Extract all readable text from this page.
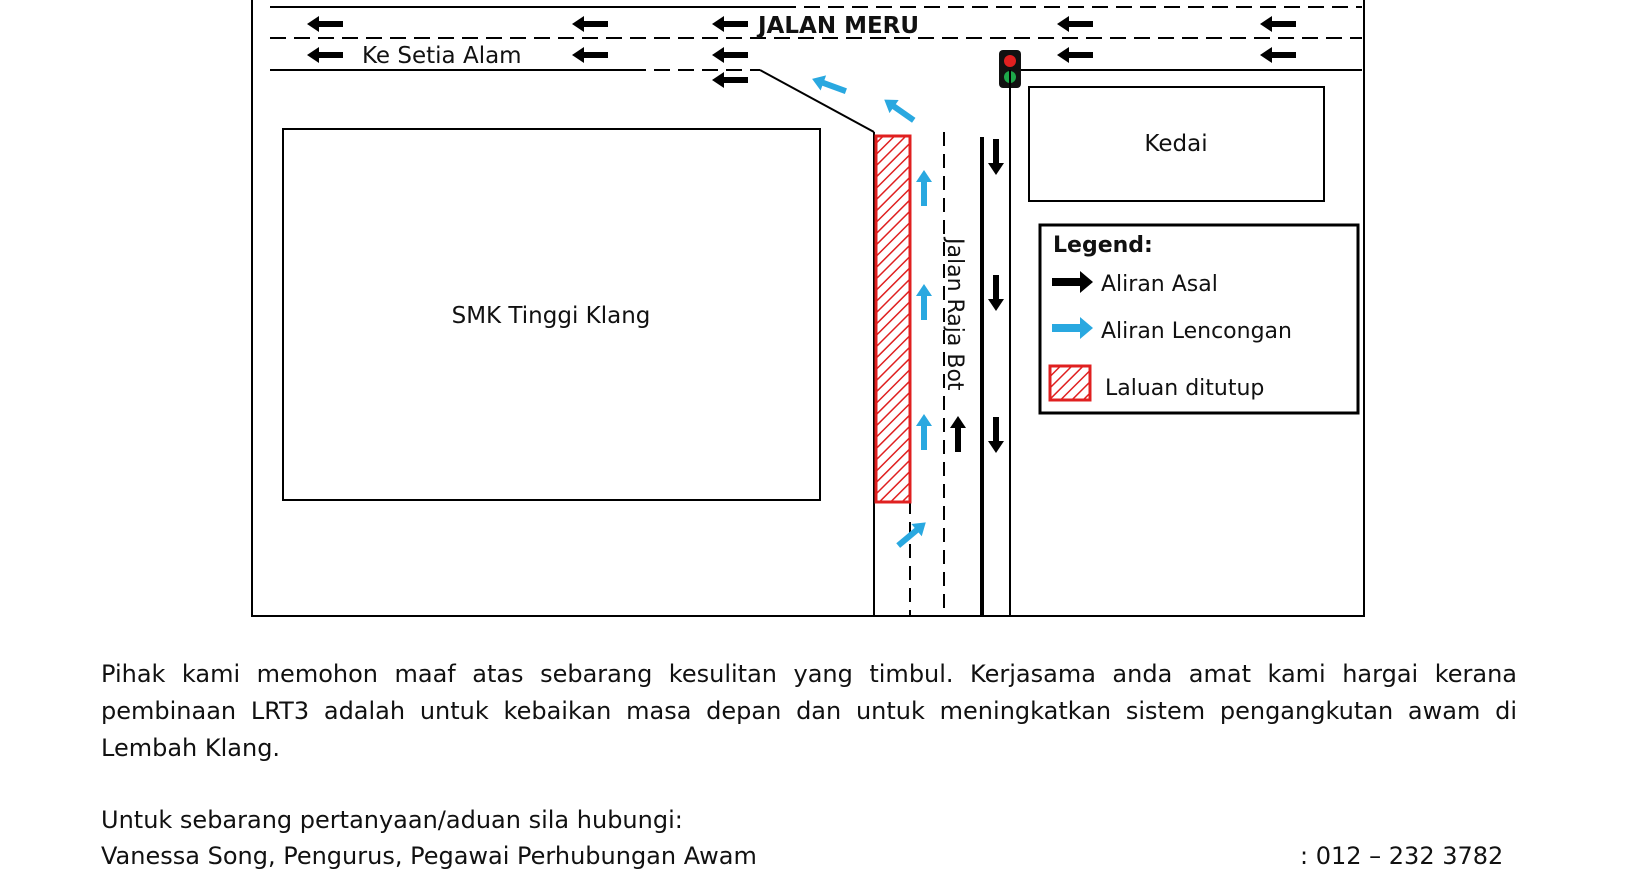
JALAN MERU
Ke Setia Alam
Jalan Raja Bot
SMK Tinggi Klang
Kedai
Legend:
Aliran Asal
Aliran Lencongan
Laluan ditutup
Pihak kami memohon maaf atas sebarang kesulitan yang timbul. Kerjasama anda amat kami hargai kerana pembinaan LRT3 adalah untuk kebaikan masa depan dan untuk meningkatkan sistem pengangkutan awam di Lembah Klang.
Untuk sebarang pertanyaan/aduan sila hubungi:
Vanessa Song, Pengurus, Pegawai Perhubungan Awam	: 012 – 232 3782
